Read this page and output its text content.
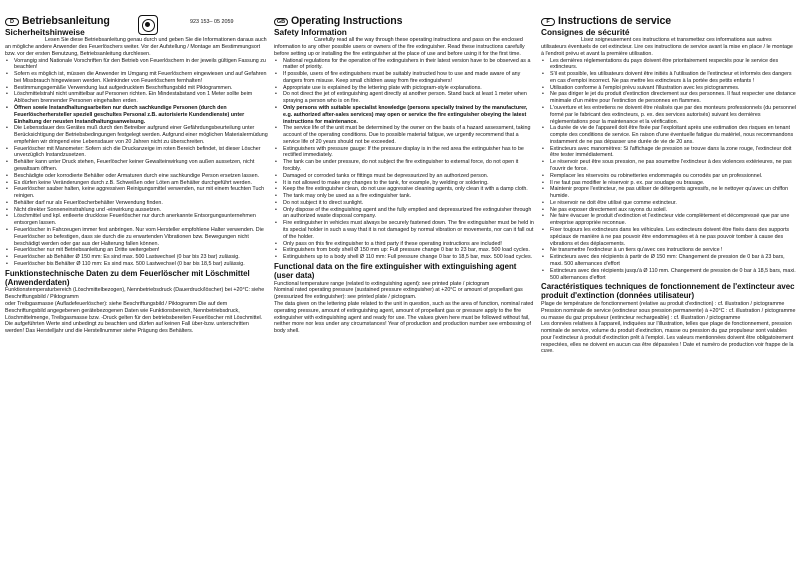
923 153– 05 2059
D Betriebsanleitung
Sicherheitshinweise

Lesen Sie diese Betriebsanleitung genau durch und geben Sie die Informationen daraus auch an mögliche andere Anwender des Feuerlöschers weiter. Vor der Aufstellung / Montage am Bestimmungsort bzw. vor der ersten Benutzung, Betriebsanleitung durchlesen.

• Vorrangig sind Nationale Vorschriften für den Betrieb von Feuerlöschern in der jeweils gültigen Fassung zu beachten!
• Sofern es möglich ist, müssen die Anwender im Umgang mit Feuerlöschern eingewiesen und auf Gefahren bei Missbrauch hingewiesen werden. Kleinkinder von Feuerlöschern fernhalten!
• Bestimmungsgemäße Verwendung laut aufgedrucktem Beschriftungsbild mit Piktogrammen.
• Löschmittelstrahl nicht unmittelbar auf Personen richten. Ein Mindestabstand von 1 Meter sollte beim Ablöschen brennender Personen eingehalten erden.
• Öffnen sowie Instandhaltungsarbeiten nur durch sachkundige Personen (durch den Feuerlöscherhersteller speziell geschultes Personal z.B. autorisierte Kundendienste) unter Einhaltung der neusten Instandhaltungsanweisung.
• Die Lebensdauer des Gerätes muß durch den Betreiber aufgrund einer Gefährdungsbeurteilung unter Berücksichtigung der Betriebsbedingungen festgelegt werden. Aufgrund einer möglichen Materialermüdung empfehlen wir dringend eine Lebensdauer von 20 Jahren nicht zu überschreiten.
• Feuerlöscher mit Manometer: Sofern sich die Druckanzeige im roten Bereich befindet, ist dieser Löscher unverzüglich Instandzusetzen.
• Behälter kann unter Druck stehen, Feuerlöscher keiner Gewalteinwirkung von außen aussetzen, nicht gewaltsam öffnen.
• Beschädigte oder korrodierte Behälter oder Armaturen durch eine sachkundige Person ersetzen lassen.
• Es dürfen keine Veränderungen durch z.B. Schweißen oder Löten am Behälter durchgeführt werden.
• Feuerlöscher sauber halten, keine aggressiven Reinigungsmittel verwenden, nur mit einem feuchten Tuch reinigen.
• Behälter darf nur als Feuerlöscherbehälter Verwendung finden.
• Nicht direkter Sonneneinstrahlung und -einwirkung aussetzen.
• Löschmittel und kpl. entleerte drucklose Feuerlöscher nur durch anerkannte Entsorgungsunternehmen entsorgen lassen.
• Feuerlöscher in Fahrzeugen immer fest anbringen. Nur vom Hersteller empfohlene Halter verwenden. Die Feuerlöscher so befestigen, dass sie durch die zu erwartenden Vibrationen bzw. Bewegungen nicht beschädigt werden oder gar aus der Halterung fallen können.
• Feuerlöscher nur mit Betriebsanleitung an Dritte weitergeben!
• Feuerlöscher ab Behälter Ø 150 mm: Es sind max. 500 Lastwechsel (0 bar bis 23 bar) zulässig.
• Feuerlöscher bis Behälter Ø 110 mm: Es sind max. 500 Lastwechsel (0 bar bis 18,5 bar) zulässig.
Funktionstechnische Daten zu dem Feuerlöscher mit Löschmittel (Anwenderdaten)

Funktionstemperaturbereich (Löschmittelbezogen), Nennbetriebsdruck (Dauerdruck/löscher) bei +20°C: siehe Beschriftungsbild / Piktogramm

oder Treibgasmasse (Aufladefeuerlöscher): siehe Beschriftungsbild / Piktogramm Die auf dem Beschriftungsbild angegebenen gerätebezogenen Daten wie Funktionsbereich, Nennbetriebsdruck, Löschmittelmenge, Treibgasmasse bzw. -Druck gelten für den betriebsbereiten Feuerlöscher mit Löschmittel. Die aufgeführten Werte sind unbedingt zu beachten und dürfen auf keinen Fall über-bzw. unterschritten werden! Das Herstelljahr und die Herstellnummer siehe Prägung des Behälters.

GB Operating Instructions
Safety Information

Carefully read all the way through these operating instructions and pass on the enclosed information to any other possible users or owners of the fire extinguisher. Read these instructions carefully before setting up or installing the fire extinguisher at the place of use and before using it for the first time.

• National regulations for the operation of fire extinguishers in their latest version have to be observed as a matter of priority.
• If possible, users of fire extinguishers must be suitably instructed how to use and made aware of any dangers from misuse. Keep small children away from fire extinguishers!
• Appropriate use is explained by the lettering plate with pictogram-style explanations.
• Do not direct the jet of extinguishing agent directly at another person. Stand back at least 1 meter when spraying a person who is on fire.
• Only persons with suitable specialist knowledge (persons specially trained by the manufacturer, e.g. authorized after-sales services) may open or service the fire extinguisher obeying the latest instructions for maintenance.
• The service life of the unit must be determined by the owner on the basis of a hazard assessment, taking account of the operating conditions. Due to possible material fatigue, we urgently recommend that a service life of 20 years should not be exceeded.
• Extinguishers with pressure gauge: If the pressure display is in the red area the extinguisher has to be rectified immediately.
• The tank can be under pressure, do not subject the fire extinguisher to external force, do not open it forcibly.
• Damaged or corroded tanks or fittings must be depressurized by an authorized person.
• It is not allowed to make any changes to the tank, for example, by welding or soldering.
• Keep the fire extinguisher clean, do not use aggressive cleaning agents, only clean it with a damp cloth.
• The tank may only be used as a fire extinguisher tank.
• Do not subject it to direct sunlight.
• Only dispose of the extinguishing agent and the fully emptied and depressurized fire extinguisher through an authorized waste disposal company.
• Fire extinguisher in vehicles must always be securely fastened down. The fire extinguisher must be held in its special holder in such a way that it is not damaged by normal vibration or movements, nor can it fall out of the holder.
• Only pass on this fire extinguisher to a third party if these operating instructions are included!
• Extinguishers from body shell Ø 150 mm up: Full pressure change 0 bar to 23 bar, max. 500 load cycles.
• Extinguishers up to a body shell Ø 110 mm: Full pressure change 0 bar to 18,5 bar, max. 500 load cycles.
Functional data on the fire extinguisher with extinguishing agent (user data)

Functional temperature range (related to extinguishing agent): see printed plate / pictogram

Nominal rated operating pressure (sustained pressure extinguisher) at +20°C or amount of propellant gas (pressurized fire extinguisher): see printed plate / pictogram.

The data given on the lettering plate related to the unit in question, such as the area of function, nominal rated operating pressure, amount of extinguishing agent, amount of propellant gas or pressure apply to the fire extinguisher with extinguishing agent and ready for use. The values given here must be followed without fail, neither more nor less under any circumstances! Year of production and production number see embossing of body shell.

F Instructions de service
Consignes de sécurité

Lisez soigneusement ces instructions et transmettez ces informations aux autres utilisateurs éventuels de cet extincteur. Lire ces instructions de service avant la mise en place / le montage à l'endroit prévu et avant la première utilisation.

• Les dernières réglementations du pays doivent être prioritairement respectés pour le service des extincteurs.
• S'il est possible, les utilisateurs doivent être initiés à l'utilisation de l'extincteur et informés des dangers en cas d'emploi incorrect. Ne pas mettre les extincteurs à la portée des petits enfants !
• Utilisation conforme à l'emploi prévu suivant l'illustration avec les pictogrammes.
• Ne pas diriger le jet du produit d'extinction directement sur des personnes. Il faut respecter une distance minimale d'un mètre pour l'extinction de personnes en flammes.
• L'ouverture et les entretiens ne doivent être réalisés que par des monteurs professionnels (du personnel formé par le fabricant des extincteurs, p. ex. des services autorisés) suivant les dernières réglementations pour la maintenance et la vérification.
• La durée de vie de l'appareil doit être fixée par l'exploitant après une estimation des risques en tenant compte des conditions de service. En raison d'une éventuelle fatigue du matériel, nous recommandons instamment de ne pas dépasser une durée de vie de 20 ans.
• Extincteurs avec manomètres: Si l'affichage de pression se trouve dans la zone rouge, l'extincteur doit être tester immédiatement.
• Le réservoir peut être sous pression, ne pas soumettre l'extincteur à des violences extérieures, ne pas l'ouvrir de force.
• Remplacer les réservoirs ou robinetteries endommagés ou corrodés par un professionnel.
• Il ne faut pas modifier le réservoir p. ex. par soudage ou brasage.
• Maintenir propre l'extincteur, ne pas utiliser de détergents agressifs, ne le nettoyer qu'avec un chiffon humide.
• Le réservoir ne doit être utilisé que comme extincteur.
• Ne pas exposer directement aux rayons du soleil.
• Ne faire évacuer le produit d'extinction et l'extincteur vide complètement et décompressé que par une entreprise appropriée reconnue.
• Fixer toujours les extincteurs dans les véhicules. Les extincteurs doivent être fixés dans des supports spéciaux de manière à ne pas pouvoir être endommagées et à ne pas pouvoir tomber à cause des vibrations et des déplacements.
• Ne transmettre l'extincteur à un tiers qu'avec ces instructions de service !
• Extincteurs avec des récipients à partir de Ø 150 mm: Changement de pression de 0 bar à 23 bars, maxi. 500 alternances d'effort
• Extincteurs avec des récipients jusqu'à Ø 110 mm. Changement de pression de 0 bar à 18,5 bars, maxi. 500 alternances d'effort
Caractéristiques techniques de fonctionnement de l'extincteur avec produit d'extinction (données utilisateur)

Plage de température de fonctionnement (relative au produit d'extinction) : cf. illustration / pictogramme

Pression nominale de service (extincteur sous pression permanente) à +20°C : cf. illustration / pictogramme

ou masse du gaz propulseur (extincteur rechargeable) : cf. illustration / pictogramme

Les données relatives à l'appareil, indiquées sur l'illustration, telles que plage de fonctionnement, pression nominale de service, volume du produit d'extinction, masse ou pression du gaz propulseur sont valables pour l'extincteur à produit d'extinction prêt à l'emploi. Les valeurs mentionnées doivent être obligatoirement respectées, elles ne doivent en aucun cas être dépassées ! Date et numéro de production voir frappe de la cuve.
